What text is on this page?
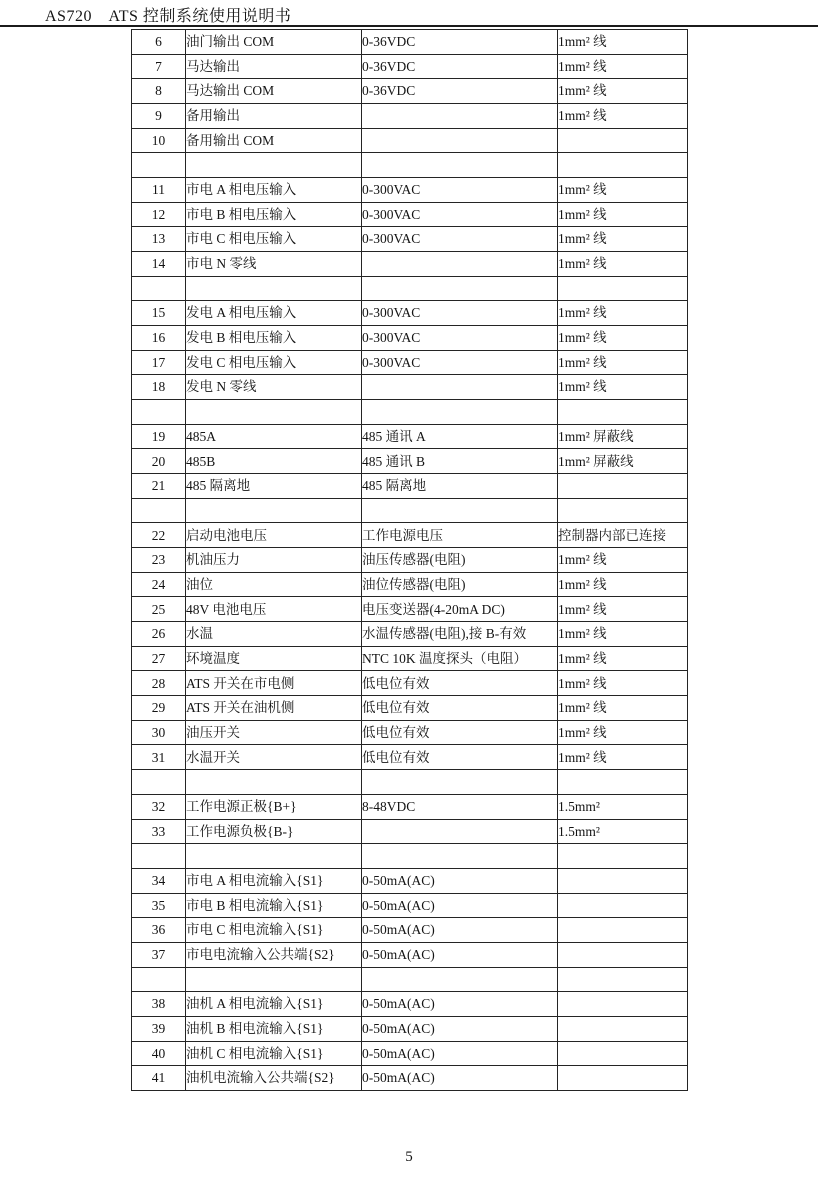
AS720　ATS 控制系统使用说明书
6	油门输出 COM	0-36VDC	1mm² 线
7	马达输出	0-36VDC	1mm² 线
8	马达输出 COM	0-36VDC	1mm² 线
9	备用输出		1mm² 线
10	备用输出 COM		

11	市电 A 相电压输入	0-300VAC	1mm² 线
12	市电 B 相电压输入	0-300VAC	1mm² 线
13	市电 C 相电压输入	0-300VAC	1mm² 线
14	市电 N 零线		1mm² 线

15	发电 A 相电压输入	0-300VAC	1mm² 线
16	发电 B 相电压输入	0-300VAC	1mm² 线
17	发电 C 相电压输入	0-300VAC	1mm² 线
18	发电 N 零线		1mm² 线

19	485A	485 通讯 A	1mm² 屏蔽线
20	485B	485 通讯 B	1mm² 屏蔽线
21	485 隔离地	485 隔离地	

22	启动电池电压	工作电源电压	控制器内部已连接
23	机油压力	油压传感器(电阻)	1mm² 线
24	油位	油位传感器(电阻)	1mm² 线
25	48V 电池电压	电压变送器(4-20mA DC)	1mm² 线
26	水温	水温传感器(电阻),接 B-有效	1mm² 线
27	环境温度	NTC 10K 温度探头（电阻）	1mm² 线
28	ATS 开关在市电侧	低电位有效	1mm² 线
29	ATS 开关在油机侧	低电位有效	1mm² 线
30	油压开关	低电位有效	1mm² 线
31	水温开关	低电位有效	1mm² 线

32	工作电源正极{B+}	8-48VDC	1.5mm²
33	工作电源负极{B-}		1.5mm²

34	市电 A 相电流输入{S1}	0-50mA(AC)	
35	市电 B 相电流输入{S1}	0-50mA(AC)	
36	市电 C 相电流输入{S1}	0-50mA(AC)	
37	市电电流输入公共端{S2}	0-50mA(AC)	

38	油机 A 相电流输入{S1}	0-50mA(AC)	
39	油机 B 相电流输入{S1}	0-50mA(AC)	
40	油机 C 相电流输入{S1}	0-50mA(AC)	
41	油机电流输入公共端{S2}	0-50mA(AC)	
5
